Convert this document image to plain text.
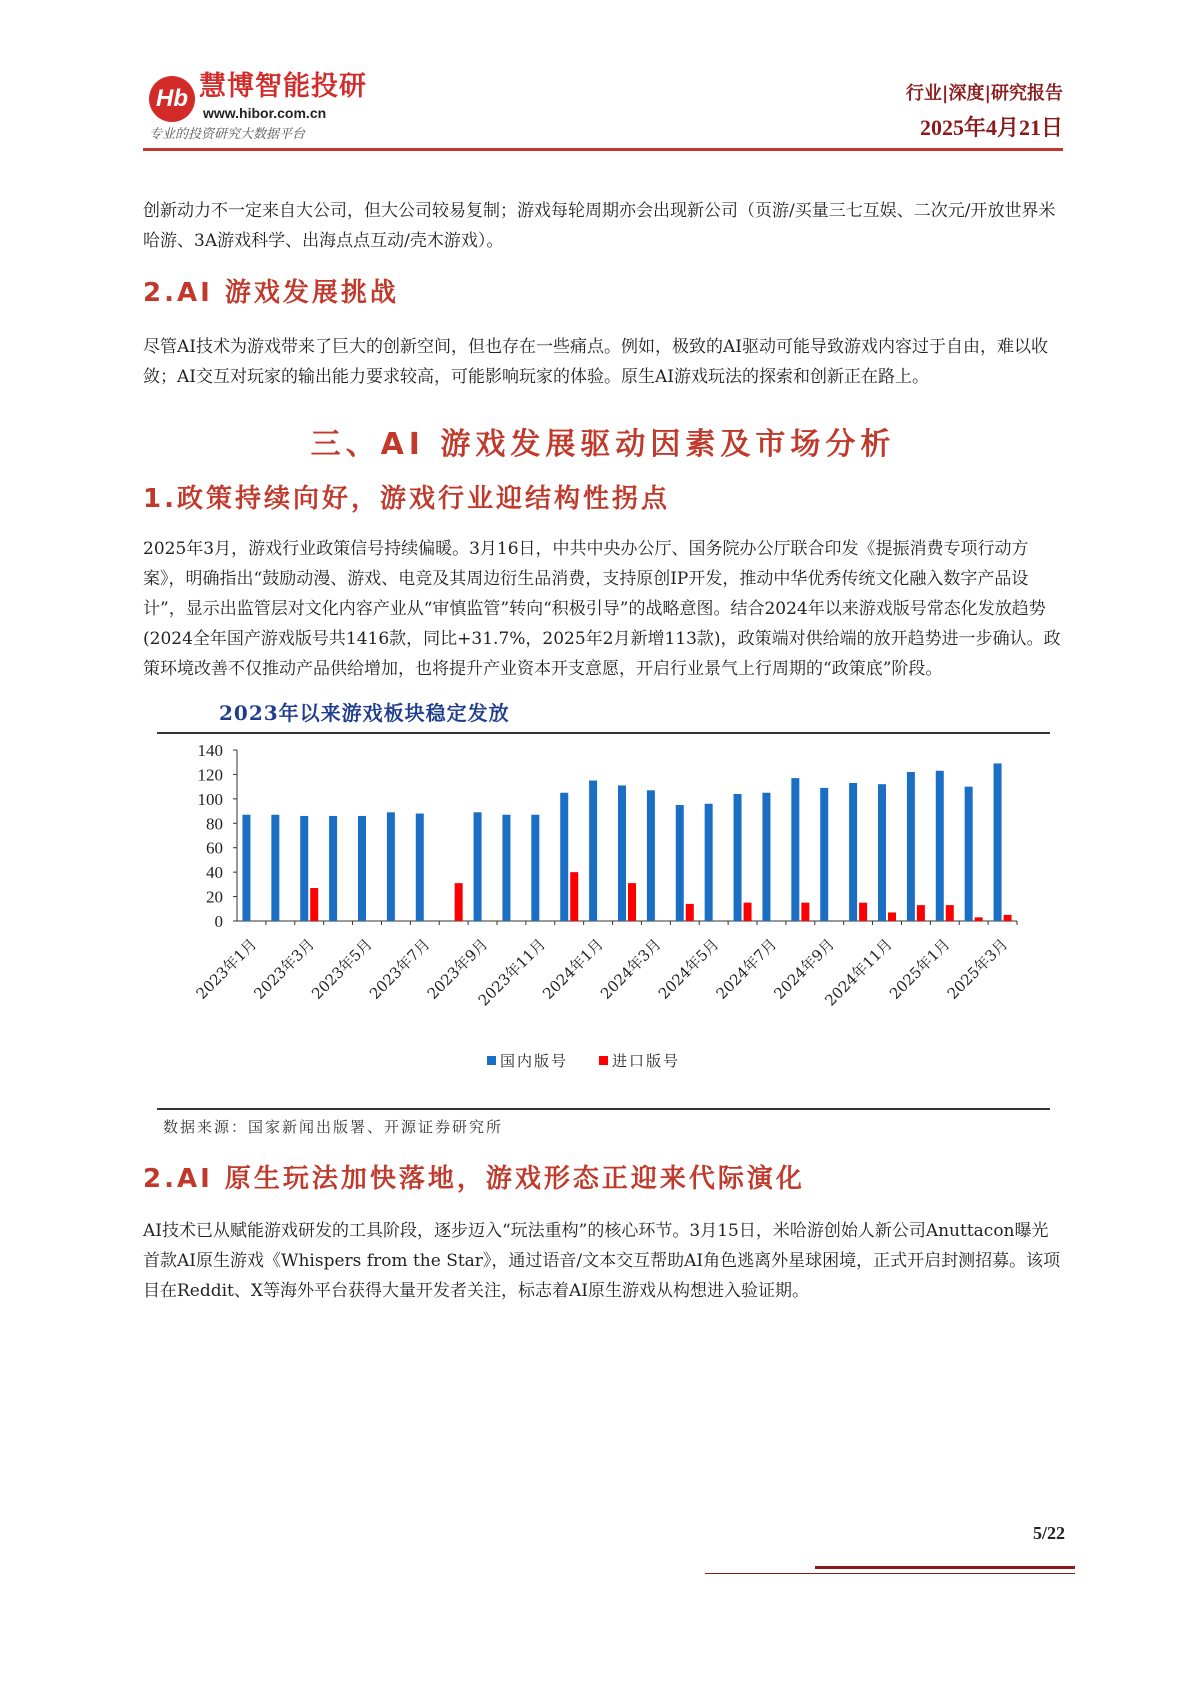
Hb 慧博智能投研
www.hibor.com.cn
专业的投资研究大数据平台
行业|深度|研究报告
2025年4月21日

创新动力不一定来自大公司，但大公司较易复制；游戏每轮周期亦会出现新公司（页游/买量三七互娱、二次元/开放世界米哈游、3A游戏科学、出海点点互动/壳木游戏）。

2.AI 游戏发展挑战

尽管AI技术为游戏带来了巨大的创新空间，但也存在一些痛点。例如，极致的AI驱动可能导致游戏内容过于自由，难以收敛；AI交互对玩家的输出能力要求较高，可能影响玩家的体验。原生AI游戏玩法的探索和创新正在路上。

三、AI 游戏发展驱动因素及市场分析
1.政策持续向好，游戏行业迎结构性拐点

2025年3月，游戏行业政策信号持续偏暖。3月16日，中共中央办公厅、国务院办公厅联合印发《提振消费专项行动方案》，明确指出“鼓励动漫、游戏、电竞及其周边衍生品消费，支持原创IP开发，推动中华优秀传统文化融入数字产品设计”，显示出监管层对文化内容产业从“审慎监管”转向“积极引导”的战略意图。结合2024年以来游戏版号常态化发放趋势(2024全年国产游戏版号共1416款，同比+31.7%，2025年2月新增113款)，政策端对供给端的放开趋势进一步确认。政策环境改善不仅推动产品供给增加，也将提升产业资本开支意愿，开启行业景气上行周期的“政策底”阶段。

2023年以来游戏板块稳定发放
0
20
40
60
80
100
120
140
2023年1月
2023年3月
2023年5月
2023年7月
2023年9月
2023年11月
2024年1月
2024年3月
2024年5月
2024年7月
2024年9月
2024年11月
2025年1月
2025年3月
国内版号	进口版号
数据来源：国家新闻出版署、开源证券研究所
2.AI 原生玩法加快落地，游戏形态正迎来代际演化

AI技术已从赋能游戏研发的工具阶段，逐步迈入“玩法重构”的核心环节。3月15日，米哈游创始人新公司Anuttacon曝光首款AI原生游戏《Whispers from the Star》，通过语音/文本交互帮助AI角色逃离外星球困境，正式开启封测招募。该项目在Reddit、X等海外平台获得大量开发者关注，标志着AI原生游戏从构想进入验证期。

5/22
